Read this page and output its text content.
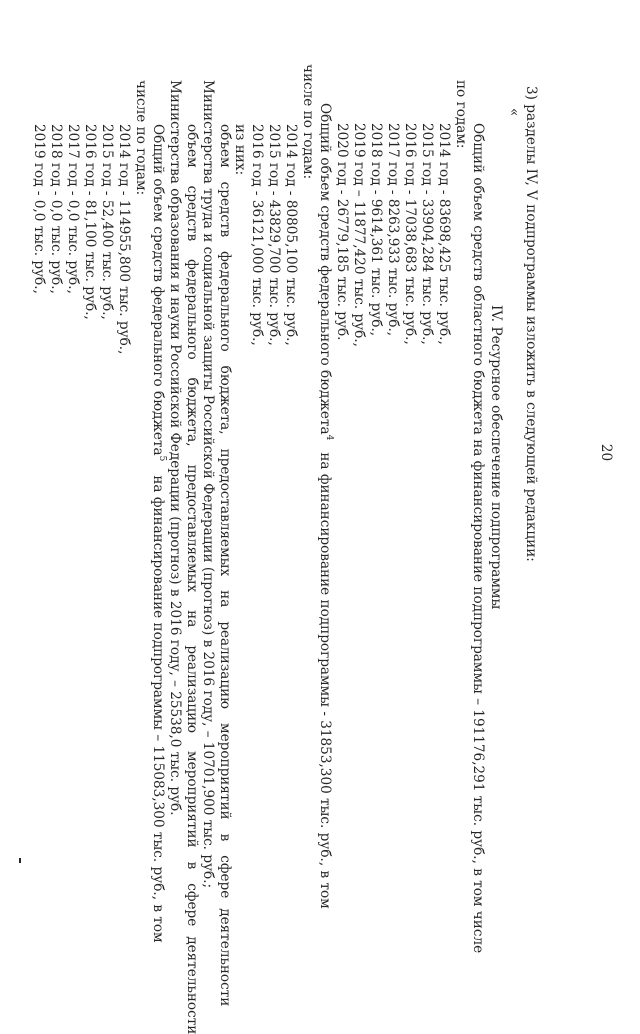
20

3) разделы IV, V подпрограммы изложить в следующей редакции:

«

IV. Ресурсное обеспечение подпрограммы

Общий объем средств областного бюджета на финансирование подпрограммы – 191176,291 тыс. руб., в том числе

по годам:

2014 год - 83698,425 тыс. руб.,

2015 год - 33904,284 тыс. руб.,

2016 год - 17038,683 тыс. руб.,

2017 год - 8263,933 тыс. руб.,

2018 год - 9614,361 тыс. руб.,

2019 год – 11877,420 тыс. руб.,

2020 год - 26779,185 тыс. руб.

Общий объем средств федерального бюджета$^4$на финансирование подпрограммы - 31853,300 тыс. руб., в том

числе по годам:

2014 год - 80805,100 тыс. руб.,

2015 год - 43829,700 тыс. руб.,

2016 год - 36121,000 тыс. руб.,

из них:

объемсредствфедеральногобюджета,предоставляемыхнареализациюмероприятийвсфередеятельности

Министерства труда и социальной защиты Российской Федерации (прогноз) в 2016 году, – 10701,900 тыс. руб.;

объемсредствфедеральногобюджета,предоставляемыхнареализациюмероприятийвсфередеятельности

Министерства образования и науки Российской Федерации (прогноз) в 2016 году, – 25538,0 тыс. руб.

Общий объем средств федерального бюджета$^5$на финансирование подпрограммы – 115083,300 тыс. руб., в том

числе по годам:

2014 год - 114955,800 тыс. руб.,

2015 год - 52,400 тыс. руб.,

2016 год - 81,100 тыс. руб.,

2017 год - 0,0 тыс. руб.,

2018 год - 0,0 тыс. руб.,

2019 год - 0,0 тыс. руб.,
